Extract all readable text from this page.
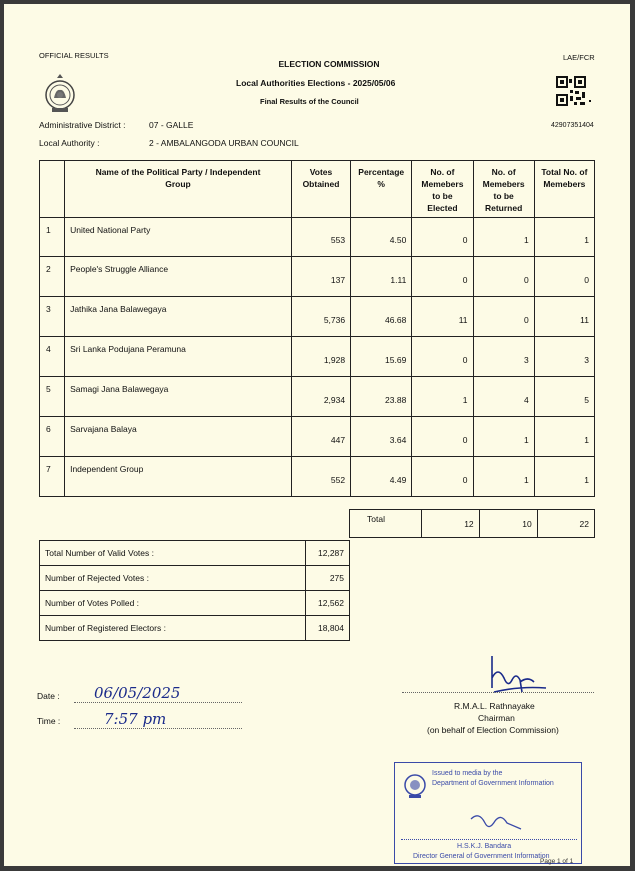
OFFICIAL RESULTS	LAE/FCR
ELECTION COMMISSION
Local Authorities Elections - 2025/05/06
Final Results of the Council
42907351404
Administrative District :	07 - GALLE
Local Authority :	2 - AMBALANGODA URBAN COUNCIL
	Name of the Political Party / Independent Group	Votes Obtained	Percentage %	No. of Memebers to be Elected	No. of Memebers to be Returned	Total No. of Memebers
1	United National Party	553	4.50	0	1	1
2	People's Struggle Alliance	137	1.11	0	0	0
3	Jathika Jana Balawegaya	5,736	46.68	11	0	11
4	Sri Lanka Podujana Peramuna	1,928	15.69	0	3	3
5	Samagi Jana Balawegaya	2,934	23.88	1	4	5
6	Sarvajana Balaya	447	3.64	0	1	1
7	Independent Group	552	4.49	0	1	1
Total	12	10	22
Total Number of Valid Votes :	12,287
Number of Rejected Votes :	275
Number of Votes Polled :	12,562
Number of Registered Electors :	18,804
Date : 06/05/2025
Time :	7:57 pm
R.M.A.L. Rathnayake
Chairman
(on behalf of Election Commission)
Issued to media by the
Department of Government Information
H.S.K.J. Bandara
Director General of Government Information
Page 1 of 1
